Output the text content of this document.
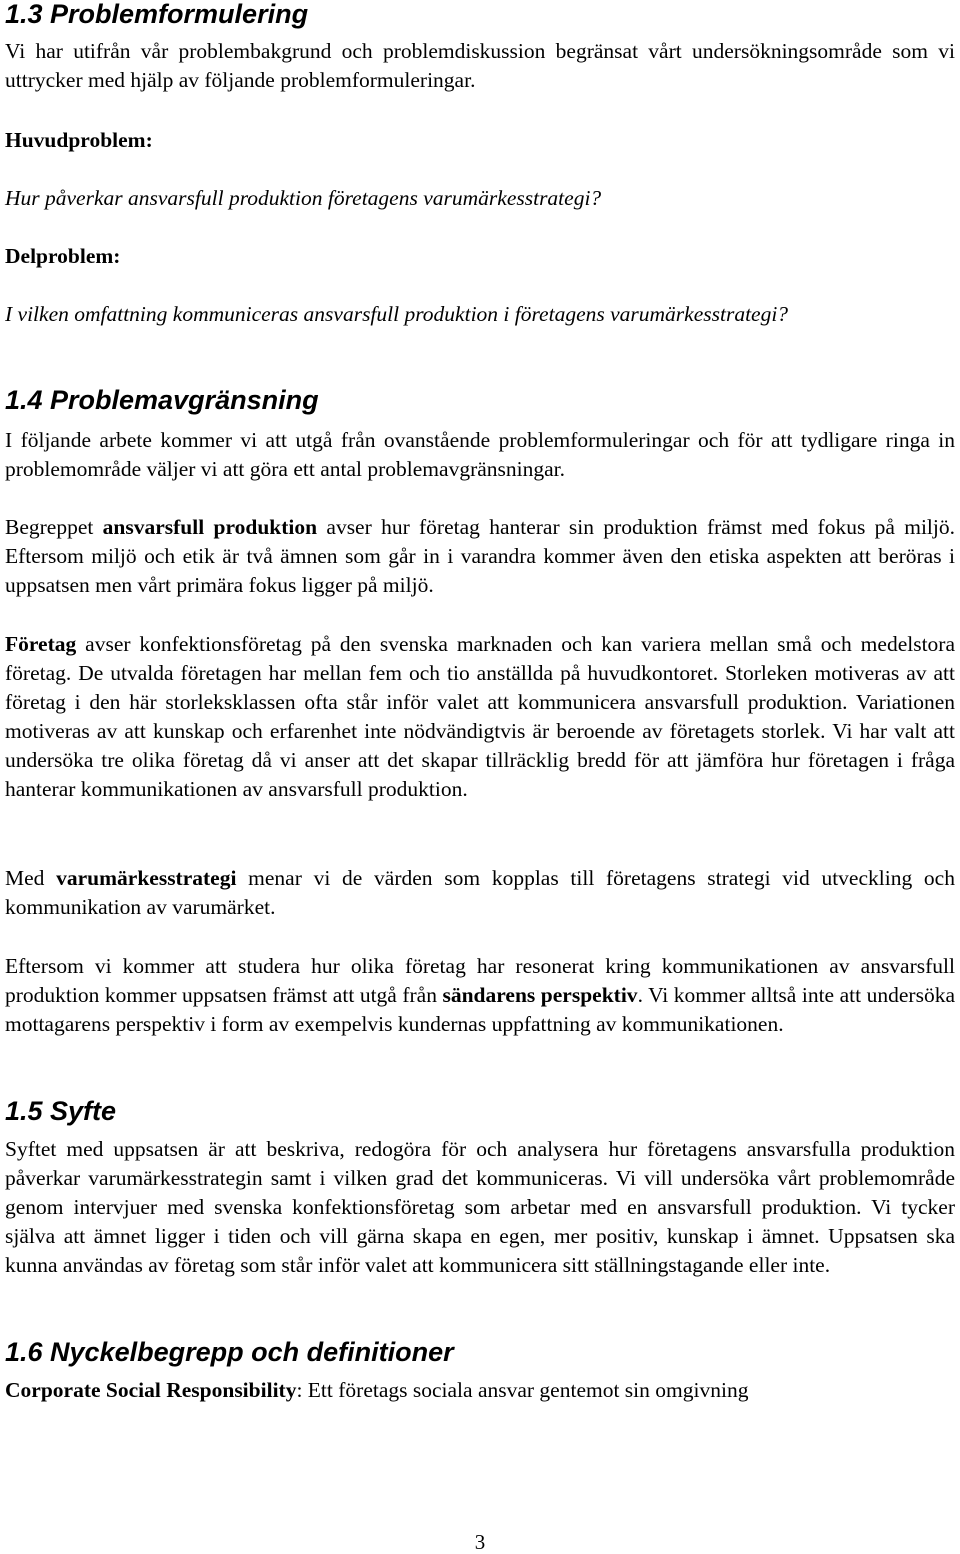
1.3 Problemformulering

Vi har utifrån vår problembakgrund och problemdiskussion begränsat vårt undersökningsområde som vi uttrycker med hjälp av följande problemformuleringar.

Huvudproblem:

Hur påverkar ansvarsfull produktion företagens varumärkesstrategi?

Delproblem:

I vilken omfattning kommuniceras ansvarsfull produktion i företagens varumärkesstrategi?

1.4 Problemavgränsning

I följande arbete kommer vi att utgå från ovanstående problemformuleringar och för att tydligare ringa in problemområde väljer vi att göra ett antal problemavgränsningar.

Begreppet ansvarsfull produktion avser hur företag hanterar sin produktion främst med fokus på miljö. Eftersom miljö och etik är två ämnen som går in i varandra kommer även den etiska aspekten att beröras i uppsatsen men vårt primära fokus ligger på miljö.

Företag avser konfektionsföretag på den svenska marknaden och kan variera mellan små och medelstora företag. De utvalda företagen har mellan fem och tio anställda på huvudkontoret. Storleken motiveras av att företag i den här storleksklassen ofta står inför valet att kommunicera ansvarsfull produktion. Variationen motiveras av att kunskap och erfarenhet inte nödvändigtvis är beroende av företagets storlek. Vi har valt att undersöka tre olika företag då vi anser att det skapar tillräcklig bredd för att jämföra hur företagen i fråga hanterar kommunikationen av ansvarsfull produktion.

Med varumärkesstrategi menar vi de värden som kopplas till företagens strategi vid utveckling och kommunikation av varumärket.

Eftersom vi kommer att studera hur olika företag har resonerat kring kommunikationen av ansvarsfull produktion kommer uppsatsen främst att utgå från sändarens perspektiv. Vi kommer alltså inte att undersöka mottagarens perspektiv i form av exempelvis kundernas uppfattning av kommunikationen.

1.5 Syfte

Syftet med uppsatsen är att beskriva, redogöra för och analysera hur företagens ansvarsfulla produktion påverkar varumärkesstrategin samt i vilken grad det kommuniceras. Vi vill undersöka vårt problemområde genom intervjuer med svenska konfektionsföretag som arbetar med en ansvarsfull produktion. Vi tycker själva att ämnet ligger i tiden och vill gärna skapa en egen, mer positiv, kunskap i ämnet. Uppsatsen ska kunna användas av företag som står inför valet att kommunicera sitt ställningstagande eller inte.

1.6 Nyckelbegrepp och definitioner

Corporate Social Responsibility: Ett företags sociala ansvar gentemot sin omgivning

3
